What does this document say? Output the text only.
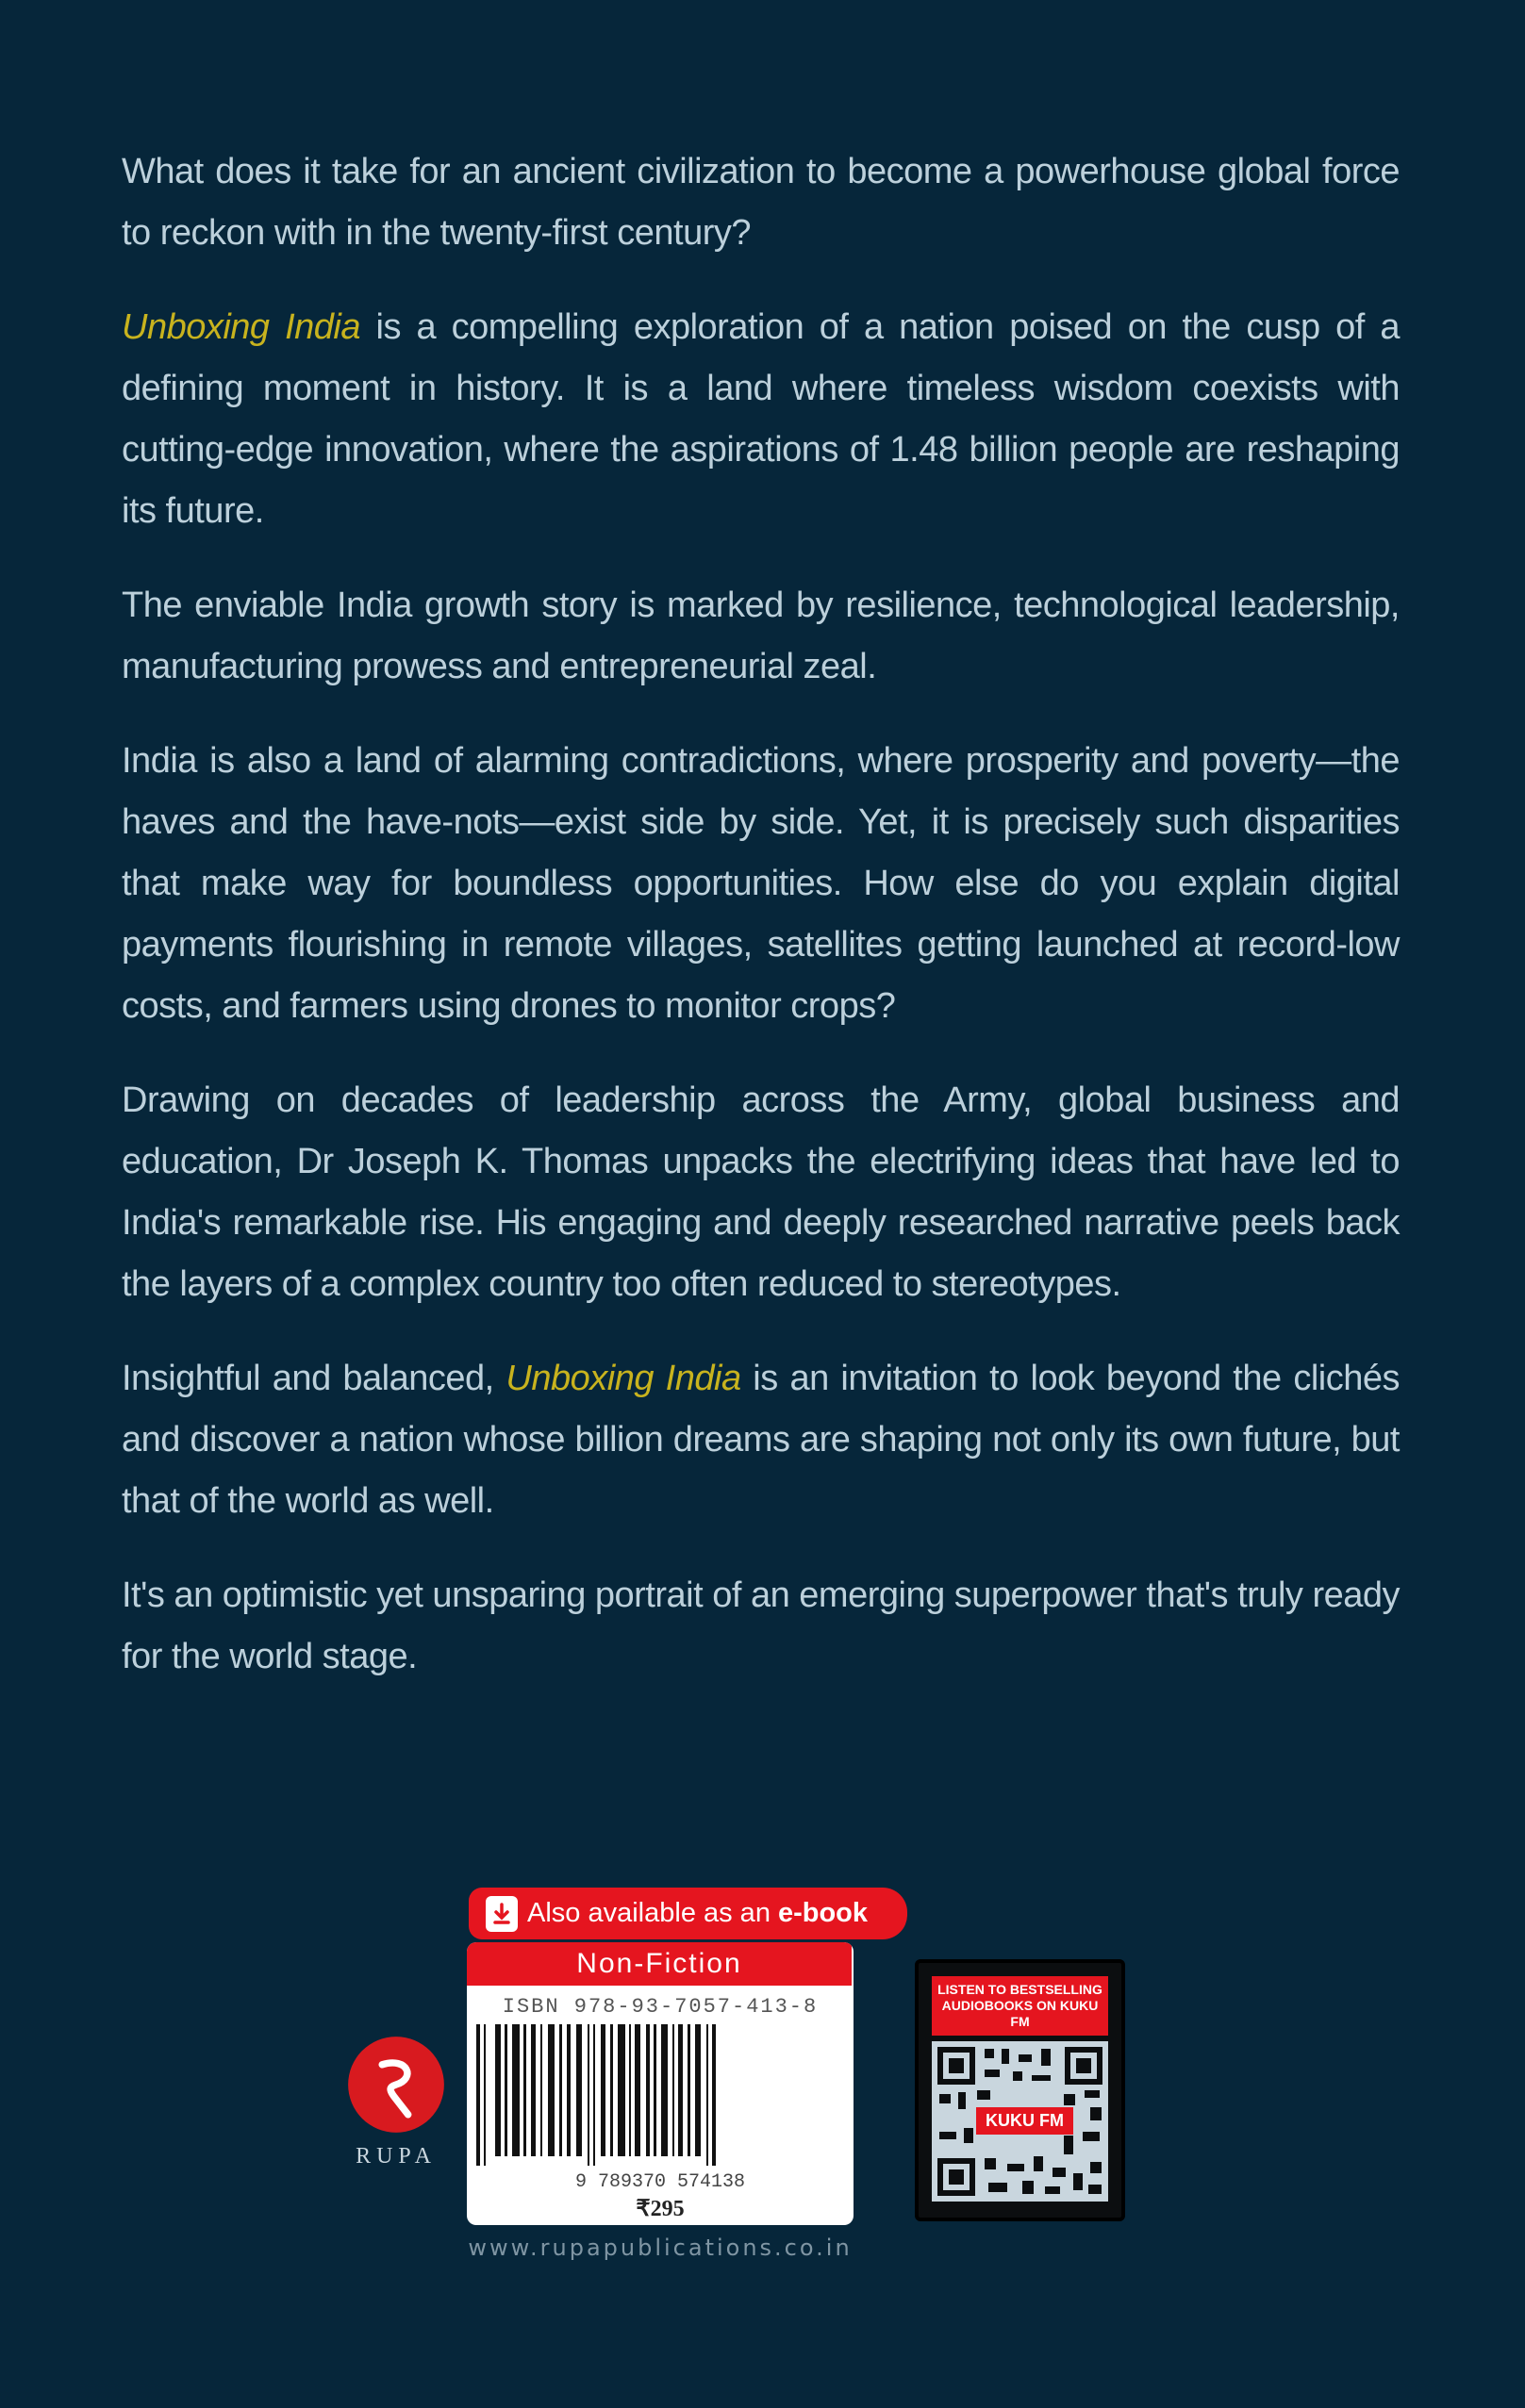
What does it take for an ancient civilization to become a powerhouse global force to reckon with in the twenty-first century?

Unboxing India is a compelling exploration of a nation poised on the cusp of a defining moment in history. It is a land where timeless wisdom coexists with cutting-edge innovation, where the aspirations of 1.48 billion people are reshaping its future.

The enviable India growth story is marked by resilience, technological leadership, manufacturing prowess and entrepreneurial zeal.

India is also a land of alarming contradictions, where prosperity and poverty—the haves and the have-nots—exist side by side. Yet, it is precisely such disparities that make way for boundless opportunities. How else do you explain digital payments flourishing in remote villages, satellites getting launched at record-low costs, and farmers using drones to monitor crops?

Drawing on decades of leadership across the Army, global business and education, Dr Joseph K. Thomas unpacks the electrifying ideas that have led to India's remarkable rise. His engaging and deeply researched narrative peels back the layers of a complex country too often reduced to stereotypes.

Insightful and balanced, Unboxing India is an invitation to look beyond the clichés and discover a nation whose billion dreams are shaping not only its own future, but that of the world as well.

It's an optimistic yet unsparing portrait of an emerging superpower that's truly ready for the world stage.

RUPA
Also available as an e-book
Non-Fiction
ISBN 978-93-7057-413-8
9 789370 574138
₹295
www.rupapublications.co.in
LISTEN TO BESTSELLING AUDIOBOOKS ON KUKU FM
KUKU FM
